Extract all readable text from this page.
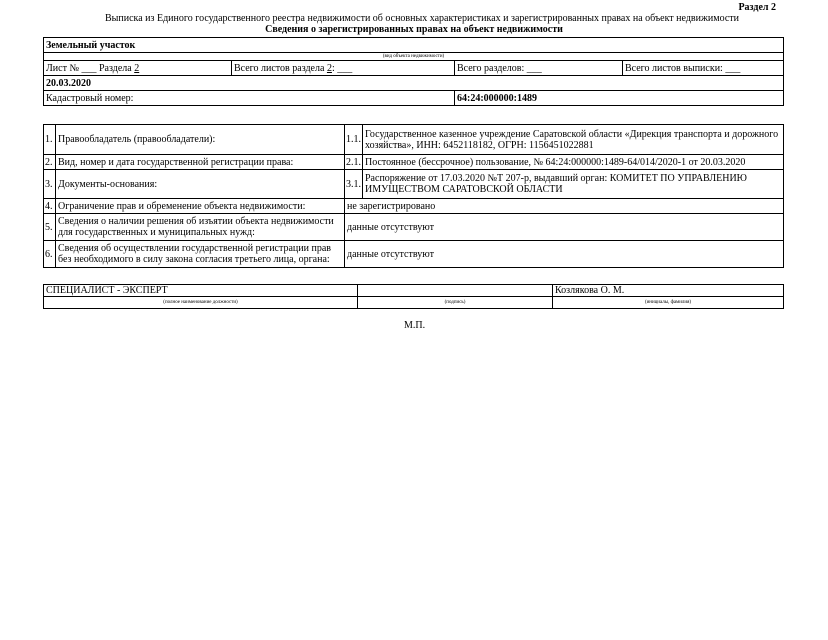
Раздел 2
Выписка из Единого государственного реестра недвижимости об основных характеристиках и зарегистрированных правах на объект недвижимости
Сведения о зарегистрированных правах на объект недвижимости
Земельный участок			
(вид объекта недвижимости)			
Лист № ___ Раздела 2	Всего листов раздела 2: ___	Всего разделов: ___	Всего листов выписки: ___
20.03.2020			
Кадастровый номер:		64:24:000000:1489	
1.	Правообладатель (правообладатели):	1.1.	Государственное казенное учреждение Саратовской области «Дирекция транспорта и дорожного хозяйства», ИНН: 6452118182, ОГРН: 1156451022881
2.	Вид, номер и дата государственной регистрации права:	2.1.	Постоянное (бессрочное) пользование, № 64:24:000000:1489-64/014/2020-1 от 20.03.2020
3.	Документы-основания:	3.1.	Распоряжение от 17.03.2020 №Т 207-р, выдавший орган: КОМИТЕТ ПО УПРАВЛЕНИЮ ИМУЩЕСТВОМ САРАТОВСКОЙ ОБЛАСТИ
4.	Ограничение прав и обременение объекта недвижимости:	не зарегистрировано	
5.	Сведения о наличии решения об изъятии объекта недвижимости для государственных и муниципальных нужд:	данные отсутствуют	
6.	Сведения об осуществлении государственной регистрации прав без необходимого в силу закона согласия третьего лица, органа:	данные отсутствуют	
СПЕЦИАЛИСТ - ЭКСПЕРТ		Козлякова О. М.
(полное наименование должности)	(подпись)	(инициалы, фамилия)
М.П.
